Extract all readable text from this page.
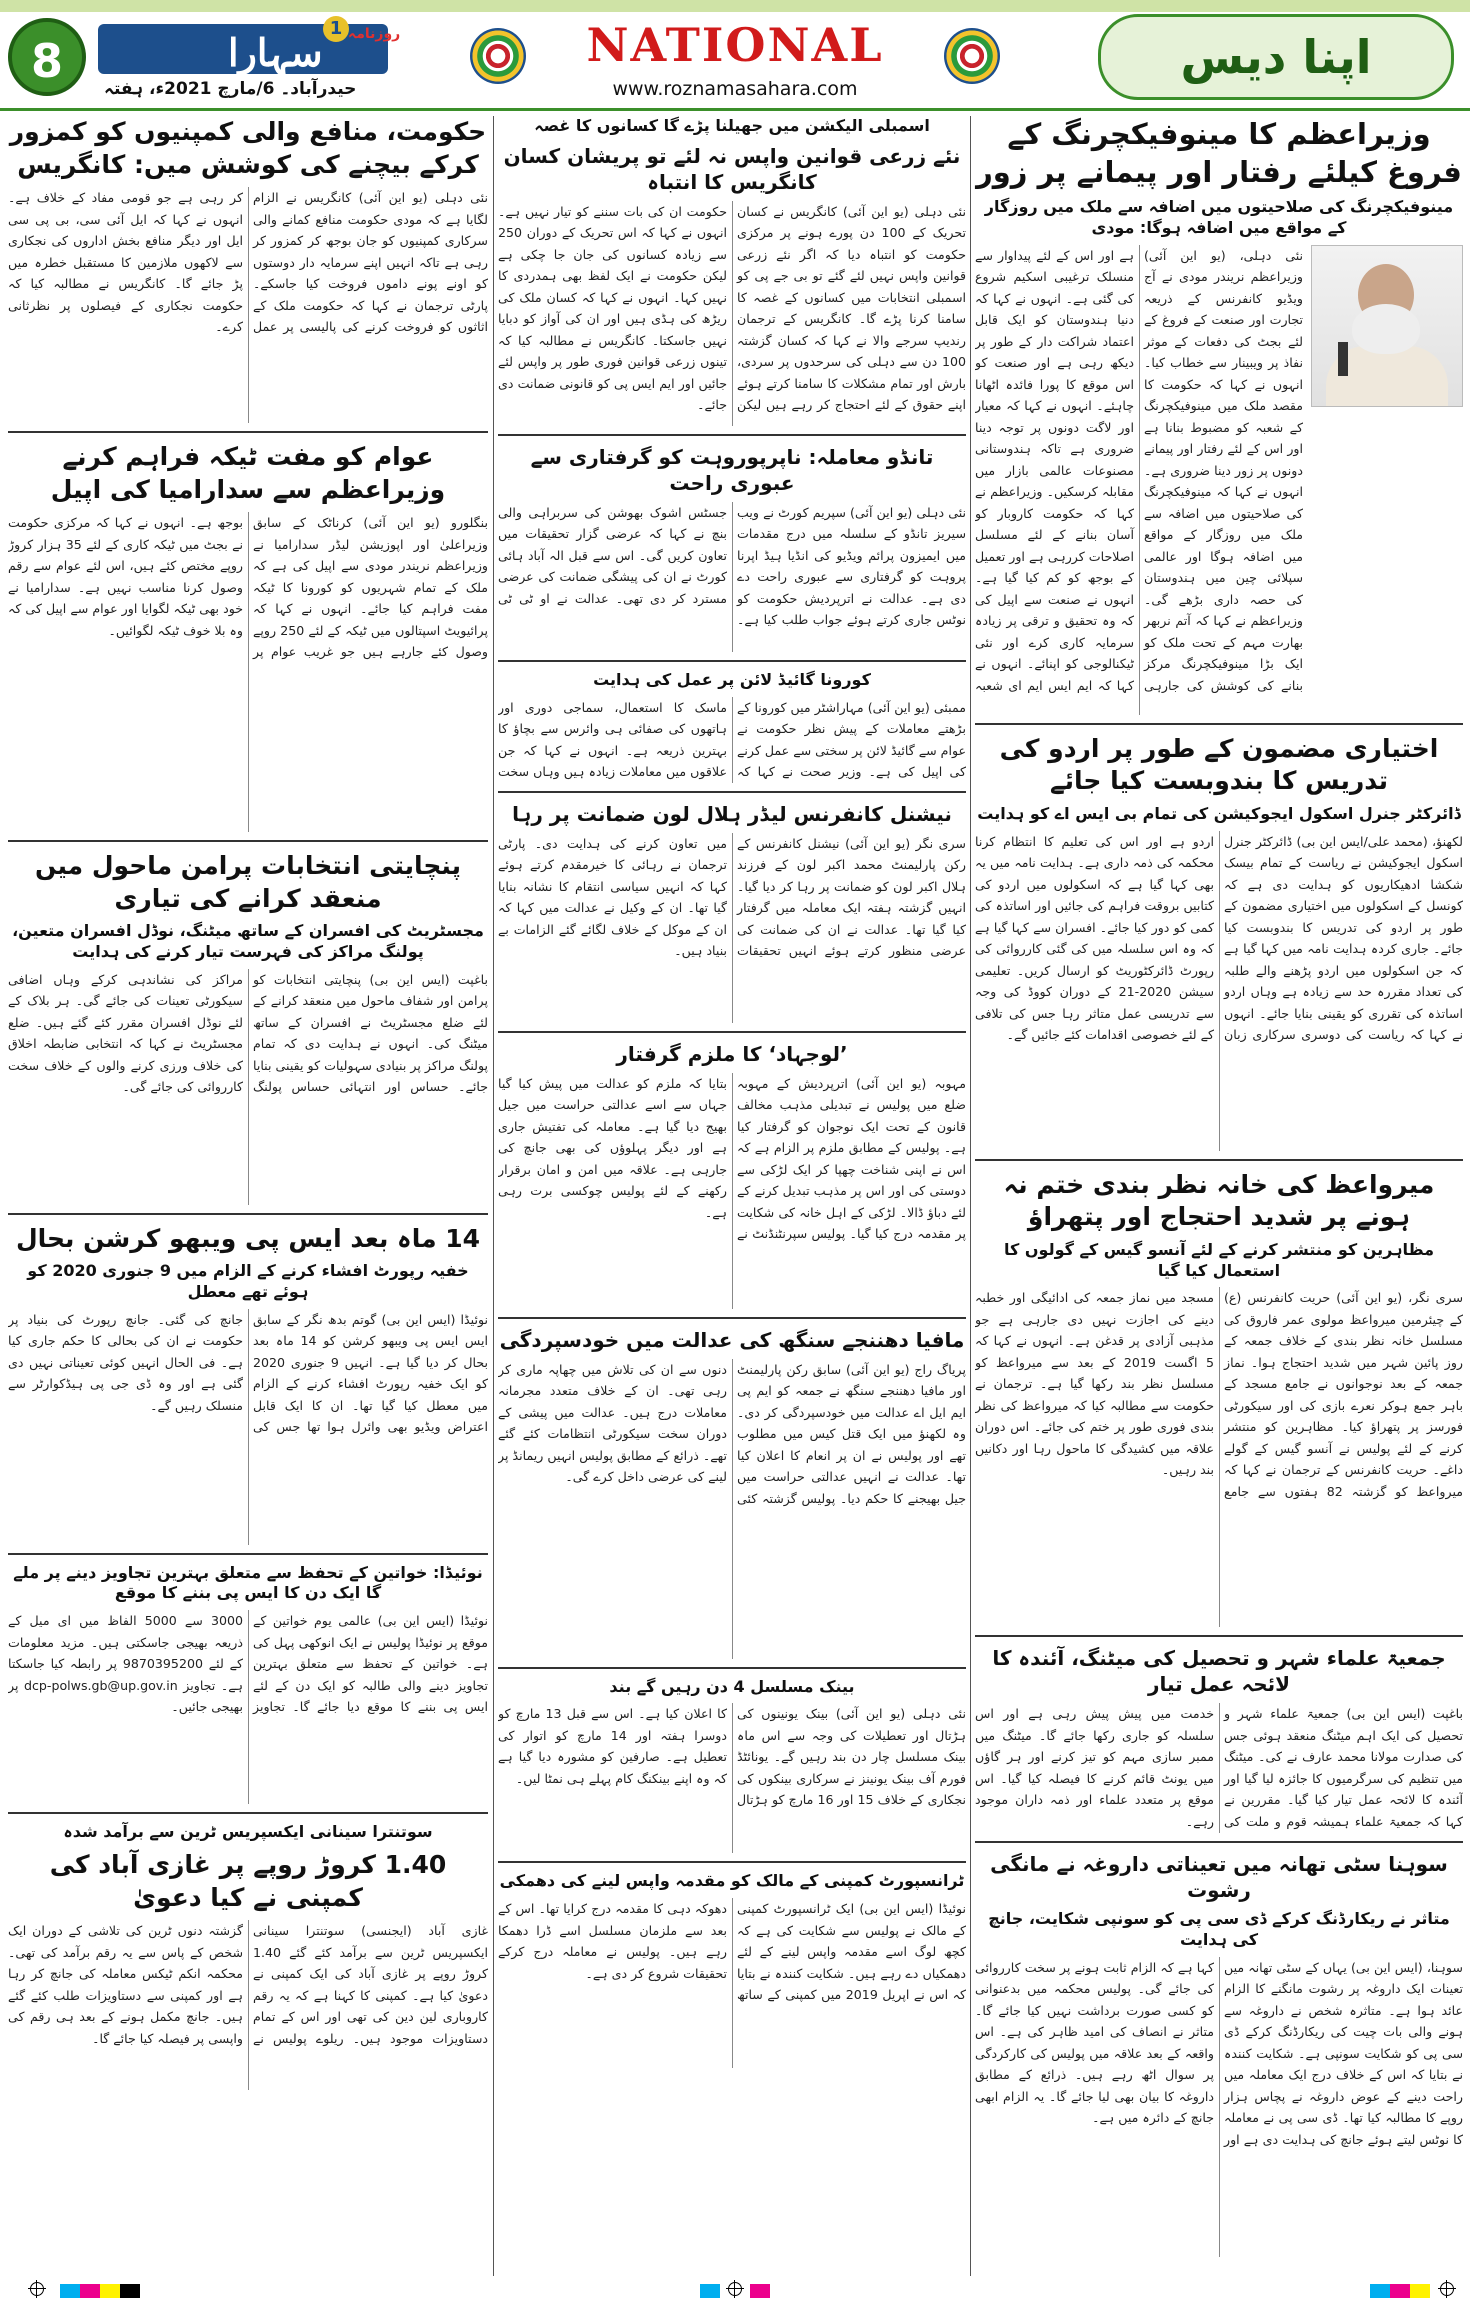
8
1 روزنامہ
سہارا
حیدرآباد۔ 6/مارچ 2021ء، ہفتہ
NATIONAL
www.roznamasahara.com
اپنا دیس
وزیراعظم کا مینوفیکچرنگ کے فروغ کیلئے رفتار اور پیمانے پر زور
مینوفیکچرنگ کی صلاحیتوں میں اضافہ سے ملک میں روزگار کے مواقع میں اضافہ ہوگا: مودی
نئی دہلی، (یو این آئی) وزیراعظم نریندر مودی نے آج ویڈیو کانفرنس کے ذریعہ تجارت اور صنعت کے فروغ کے لئے بجٹ کی دفعات کے موثر نفاذ پر ویبینار سے خطاب کیا۔ انہوں نے کہا کہ حکومت کا مقصد ملک میں مینوفیکچرنگ کے شعبہ کو مضبوط بنانا ہے اور اس کے لئے رفتار اور پیمانے دونوں پر زور دینا ضروری ہے۔ انہوں نے کہا کہ مینوفیکچرنگ کی صلاحیتوں میں اضافہ سے ملک میں روزگار کے مواقع میں اضافہ ہوگا اور عالمی سپلائی چین میں ہندوستان کی حصہ داری بڑھے گی۔ وزیراعظم نے کہا کہ آتم نربھر بھارت مہم کے تحت ملک کو ایک بڑا مینوفیکچرنگ مرکز بنانے کی کوشش کی جارہی ہے اور اس کے لئے پیداوار سے منسلک ترغیبی اسکیم شروع کی گئی ہے۔ انہوں نے کہا کہ دنیا ہندوستان کو ایک قابل اعتماد شراکت دار کے طور پر دیکھ رہی ہے اور صنعت کو اس موقع کا پورا فائدہ اٹھانا چاہئے۔ انہوں نے کہا کہ معیار اور لاگت دونوں پر توجہ دینا ضروری ہے تاکہ ہندوستانی مصنوعات عالمی بازار میں مقابلہ کرسکیں۔ وزیراعظم نے کہا کہ حکومت کاروبار کو آسان بنانے کے لئے مسلسل اصلاحات کررہی ہے اور تعمیل کے بوجھ کو کم کیا گیا ہے۔ انہوں نے صنعت سے اپیل کی کہ وہ تحقیق و ترقی پر زیادہ سرمایہ کاری کرے اور نئی ٹیکنالوجی کو اپنائے۔ انہوں نے کہا کہ ایم ایس ایم ای شعبہ
اختیاری مضمون کے طور پر اردو کی تدریس کا بندوبست کیا جائے
ڈائرکٹر جنرل اسکول ایجوکیشن کی تمام بی ایس اے کو ہدایت
لکھنؤ، (محمد علی/ایس این بی) ڈائرکٹر جنرل اسکول ایجوکیشن نے ریاست کے تمام بیسک شکشا ادھیکاریوں کو ہدایت دی ہے کہ کونسل کے اسکولوں میں اختیاری مضمون کے طور پر اردو کی تدریس کا بندوبست کیا جائے۔ جاری کردہ ہدایت نامہ میں کہا گیا ہے کہ جن اسکولوں میں اردو پڑھنے والے طلبہ کی تعداد مقررہ حد سے زیادہ ہے وہاں اردو اساتذہ کی تقرری کو یقینی بنایا جائے۔ انہوں نے کہا کہ ریاست کی دوسری سرکاری زبان اردو ہے اور اس کی تعلیم کا انتظام کرنا محکمہ کی ذمہ داری ہے۔ ہدایت نامہ میں یہ بھی کہا گیا ہے کہ اسکولوں میں اردو کی کتابیں بروقت فراہم کی جائیں اور اساتذہ کی کمی کو دور کیا جائے۔ افسران سے کہا گیا ہے کہ وہ اس سلسلہ میں کی گئی کارروائی کی رپورٹ ڈائرکٹوریٹ کو ارسال کریں۔ تعلیمی سیشن 2020-21 کے دوران کووڈ کی وجہ سے تدریسی عمل متاثر رہا جس کی تلافی کے لئے خصوصی اقدامات کئے جائیں گے۔
میرواعظ کی خانہ نظر بندی ختم نہ ہونے پر شدید احتجاج اور پتھراؤ
مظاہرین کو منتشر کرنے کے لئے آنسو گیس کے گولوں کا استعمال کیا گیا
سری نگر، (یو این آئی) حریت کانفرنس (ع) کے چیئرمین میرواعظ مولوی عمر فاروق کی مسلسل خانہ نظر بندی کے خلاف جمعہ کے روز پائین شہر میں شدید احتجاج ہوا۔ نماز جمعہ کے بعد نوجوانوں نے جامع مسجد کے باہر جمع ہوکر نعرے بازی کی اور سیکورٹی فورسز پر پتھراؤ کیا۔ مظاہرین کو منتشر کرنے کے لئے پولیس نے آنسو گیس کے گولے داغے۔ حریت کانفرنس کے ترجمان نے کہا کہ میرواعظ کو گزشتہ 82 ہفتوں سے جامع مسجد میں نماز جمعہ کی ادائیگی اور خطبہ دینے کی اجازت نہیں دی جارہی ہے جو مذہبی آزادی پر قدغن ہے۔ انہوں نے کہا کہ 5 اگست 2019 کے بعد سے میرواعظ کو مسلسل نظر بند رکھا گیا ہے۔ ترجمان نے حکومت سے مطالبہ کیا کہ میرواعظ کی نظر بندی فوری طور پر ختم کی جائے۔ اس دوران علاقہ میں کشیدگی کا ماحول رہا اور دکانیں بند رہیں۔
جمعیۃ علماء شہر و تحصیل کی میٹنگ، آئندہ کا لائحہ عمل تیار
باغپت (ایس این بی) جمعیۃ علماء شہر و تحصیل کی ایک اہم میٹنگ منعقد ہوئی جس کی صدارت مولانا محمد عارف نے کی۔ میٹنگ میں تنظیم کی سرگرمیوں کا جائزہ لیا گیا اور آئندہ کا لائحہ عمل تیار کیا گیا۔ مقررین نے کہا کہ جمعیۃ علماء ہمیشہ قوم و ملت کی خدمت میں پیش پیش رہی ہے اور اس سلسلہ کو جاری رکھا جائے گا۔ میٹنگ میں ممبر سازی مہم کو تیز کرنے اور ہر گاؤں میں یونٹ قائم کرنے کا فیصلہ کیا گیا۔ اس موقع پر متعدد علماء اور ذمہ داران موجود رہے۔
سوہنا سٹی تھانہ میں تعیناتی داروغہ نے مانگی رشوت
متاثر نے ریکارڈنگ کرکے ڈی سی پی کو سونپی شکایت، جانچ کی ہدایت
سوہنا، (ایس این بی) یہاں کے سٹی تھانہ میں تعینات ایک داروغہ پر رشوت مانگنے کا الزام عائد ہوا ہے۔ متاثرہ شخص نے داروغہ سے ہونے والی بات چیت کی ریکارڈنگ کرکے ڈی سی پی کو شکایت سونپی ہے۔ شکایت کنندہ نے بتایا کہ اس کے خلاف درج ایک معاملہ میں راحت دینے کے عوض داروغہ نے پچاس ہزار روپے کا مطالبہ کیا تھا۔ ڈی سی پی نے معاملہ کا نوٹس لیتے ہوئے جانچ کی ہدایت دی ہے اور کہا ہے کہ الزام ثابت ہونے پر سخت کارروائی کی جائے گی۔ پولیس محکمہ میں بدعنوانی کو کسی صورت برداشت نہیں کیا جائے گا۔ متاثر نے انصاف کی امید ظاہر کی ہے۔ اس واقعہ کے بعد علاقہ میں پولیس کی کارکردگی پر سوال اٹھ رہے ہیں۔ ذرائع کے مطابق داروغہ کا بیان بھی لیا جائے گا۔ یہ الزام ابھی جانچ کے دائرہ میں ہے۔
اسمبلی الیکشن میں جھیلنا پڑے گا کسانوں کا غصہ
نئے زرعی قوانین واپس نہ لئے تو پریشان کسان کانگریس کا انتباہ
نئی دہلی (یو این آئی) کانگریس نے کسان تحریک کے 100 دن پورے ہونے پر مرکزی حکومت کو انتباہ دیا کہ اگر نئے زرعی قوانین واپس نہیں لئے گئے تو بی جے پی کو اسمبلی انتخابات میں کسانوں کے غصہ کا سامنا کرنا پڑے گا۔ کانگریس کے ترجمان رندیپ سرجے والا نے کہا کہ کسان گزشتہ 100 دن سے دہلی کی سرحدوں پر سردی، بارش اور تمام مشکلات کا سامنا کرتے ہوئے اپنے حقوق کے لئے احتجاج کر رہے ہیں لیکن حکومت ان کی بات سننے کو تیار نہیں ہے۔ انہوں نے کہا کہ اس تحریک کے دوران 250 سے زیادہ کسانوں کی جان جا چکی ہے لیکن حکومت نے ایک لفظ بھی ہمدردی کا نہیں کہا۔ انہوں نے کہا کہ کسان ملک کی ریڑھ کی ہڈی ہیں اور ان کی آواز کو دبایا نہیں جاسکتا۔ کانگریس نے مطالبہ کیا کہ تینوں زرعی قوانین فوری طور پر واپس لئے جائیں اور ایم ایس پی کو قانونی ضمانت دی جائے۔
تانڈو معاملہ: ناپرپوروہت کو گرفتاری سے عبوری راحت
نئی دہلی (یو این آئی) سپریم کورٹ نے ویب سیریز تانڈو کے سلسلہ میں درج مقدمات میں ایمیزون پرائم ویڈیو کی انڈیا ہیڈ اپرنا پروہت کو گرفتاری سے عبوری راحت دے دی ہے۔ عدالت نے اترپردیش حکومت کو نوٹس جاری کرتے ہوئے جواب طلب کیا ہے۔ جسٹس اشوک بھوشن کی سربراہی والی بنچ نے کہا کہ عرضی گزار تحقیقات میں تعاون کریں گی۔ اس سے قبل الہ آباد ہائی کورٹ نے ان کی پیشگی ضمانت کی عرضی مسترد کر دی تھی۔ عدالت نے او ٹی ٹی
کورونا گائیڈ لائن پر عمل کی ہدایت
ممبئی (یو این آئی) مہاراشٹر میں کورونا کے بڑھتے معاملات کے پیش نظر حکومت نے عوام سے گائیڈ لائن پر سختی سے عمل کرنے کی اپیل کی ہے۔ وزیر صحت نے کہا کہ ماسک کا استعمال، سماجی دوری اور ہاتھوں کی صفائی ہی وائرس سے بچاؤ کا بہترین ذریعہ ہے۔ انہوں نے کہا کہ جن علاقوں میں معاملات زیادہ ہیں وہاں سخت
نیشنل کانفرنس لیڈر ہلال لون ضمانت پر رہا
سری نگر (یو این آئی) نیشنل کانفرنس کے رکن پارلیمنٹ محمد اکبر لون کے فرزند ہلال اکبر لون کو ضمانت پر رہا کر دیا گیا۔ انہیں گزشتہ ہفتہ ایک معاملہ میں گرفتار کیا گیا تھا۔ عدالت نے ان کی ضمانت کی عرضی منظور کرتے ہوئے انہیں تحقیقات میں تعاون کرنے کی ہدایت دی۔ پارٹی ترجمان نے رہائی کا خیرمقدم کرتے ہوئے کہا کہ انہیں سیاسی انتقام کا نشانہ بنایا گیا تھا۔ ان کے وکیل نے عدالت میں کہا کہ ان کے موکل کے خلاف لگائے گئے الزامات بے بنیاد ہیں۔
’لوجہاد‘ کا ملزم گرفتار
مہوبہ (یو این آئی) اترپردیش کے مہوبہ ضلع میں پولیس نے تبدیلی مذہب مخالف قانون کے تحت ایک نوجوان کو گرفتار کیا ہے۔ پولیس کے مطابق ملزم پر الزام ہے کہ اس نے اپنی شناخت چھپا کر ایک لڑکی سے دوستی کی اور اس پر مذہب تبدیل کرنے کے لئے دباؤ ڈالا۔ لڑکی کے اہل خانہ کی شکایت پر مقدمہ درج کیا گیا۔ پولیس سپرنٹنڈنٹ نے بتایا کہ ملزم کو عدالت میں پیش کیا گیا جہاں سے اسے عدالتی حراست میں جیل بھیج دیا گیا ہے۔ معاملہ کی تفتیش جاری ہے اور دیگر پہلوؤں کی بھی جانچ کی جارہی ہے۔ علاقہ میں امن و امان برقرار رکھنے کے لئے پولیس چوکسی برت رہی ہے۔
مافیا دھننجے سنگھ کی عدالت میں خودسپردگی
پریاگ راج (یو این آئی) سابق رکن پارلیمنٹ اور مافیا دھننجے سنگھ نے جمعہ کو ایم پی ایم ایل اے عدالت میں خودسپردگی کر دی۔ وہ لکھنؤ میں ایک قتل کیس میں مطلوب تھے اور پولیس نے ان پر انعام کا اعلان کیا تھا۔ عدالت نے انہیں عدالتی حراست میں جیل بھیجنے کا حکم دیا۔ پولیس گزشتہ کئی دنوں سے ان کی تلاش میں چھاپہ ماری کر رہی تھی۔ ان کے خلاف متعدد مجرمانہ معاملات درج ہیں۔ عدالت میں پیشی کے دوران سخت سیکورٹی انتظامات کئے گئے تھے۔ ذرائع کے مطابق پولیس انہیں ریمانڈ پر لینے کی عرضی داخل کرے گی۔
بینک مسلسل 4 دن رہیں گے بند
نئی دہلی (یو این آئی) بینک یونینوں کی ہڑتال اور تعطیلات کی وجہ سے اس ماہ بینک مسلسل چار دن بند رہیں گے۔ یونائٹڈ فورم آف بینک یونینز نے سرکاری بینکوں کی نجکاری کے خلاف 15 اور 16 مارچ کو ہڑتال کا اعلان کیا ہے۔ اس سے قبل 13 مارچ کو دوسرا ہفتہ اور 14 مارچ کو اتوار کی تعطیل ہے۔ صارفین کو مشورہ دیا گیا ہے کہ وہ اپنے بینکنگ کام پہلے ہی نمٹا لیں۔
ٹرانسپورٹ کمپنی کے مالک کو مقدمہ واپس لینے کی دھمکی
نوئیڈا (ایس این بی) ایک ٹرانسپورٹ کمپنی کے مالک نے پولیس سے شکایت کی ہے کہ کچھ لوگ اسے مقدمہ واپس لینے کے لئے دھمکیاں دے رہے ہیں۔ شکایت کنندہ نے بتایا کہ اس نے اپریل 2019 میں کمپنی کے ساتھ دھوکہ دہی کا مقدمہ درج کرایا تھا۔ اس کے بعد سے ملزمان مسلسل اسے ڈرا دھمکا رہے ہیں۔ پولیس نے معاملہ درج کرکے تحقیقات شروع کر دی ہے۔
حکومت، منافع والی کمپنیوں کو کمزور کرکے بیچنے کی کوشش میں: کانگریس
نئی دہلی (یو این آئی) کانگریس نے الزام لگایا ہے کہ مودی حکومت منافع کمانے والی سرکاری کمپنیوں کو جان بوجھ کر کمزور کر رہی ہے تاکہ انہیں اپنے سرمایہ دار دوستوں کو اونے پونے داموں فروخت کیا جاسکے۔ پارٹی ترجمان نے کہا کہ حکومت ملک کے اثاثوں کو فروخت کرنے کی پالیسی پر عمل کر رہی ہے جو قومی مفاد کے خلاف ہے۔ انہوں نے کہا کہ ایل آئی سی، بی پی سی ایل اور دیگر منافع بخش اداروں کی نجکاری سے لاکھوں ملازمین کا مستقبل خطرہ میں پڑ جائے گا۔ کانگریس نے مطالبہ کیا کہ حکومت نجکاری کے فیصلوں پر نظرثانی کرے۔
عوام کو مفت ٹیکہ فراہم کرنے وزیراعظم سے سدارامیا کی اپیل
بنگلورو (یو این آئی) کرناٹک کے سابق وزیراعلیٰ اور اپوزیشن لیڈر سدارامیا نے وزیراعظم نریندر مودی سے اپیل کی ہے کہ ملک کے تمام شہریوں کو کورونا کا ٹیکہ مفت فراہم کیا جائے۔ انہوں نے کہا کہ پرائیویٹ اسپتالوں میں ٹیکہ کے لئے 250 روپے وصول کئے جارہے ہیں جو غریب عوام پر بوجھ ہے۔ انہوں نے کہا کہ مرکزی حکومت نے بجٹ میں ٹیکہ کاری کے لئے 35 ہزار کروڑ روپے مختص کئے ہیں، اس لئے عوام سے رقم وصول کرنا مناسب نہیں ہے۔ سدارامیا نے خود بھی ٹیکہ لگوایا اور عوام سے اپیل کی کہ وہ بلا خوف ٹیکہ لگوائیں۔
پنچایتی انتخابات پرامن ماحول میں منعقد کرانے کی تیاری
مجسٹریٹ کی افسران کے ساتھ میٹنگ، نوڈل افسران متعین، پولنگ مراکز کی فہرست تیار کرنے کی ہدایت
باغپت (ایس این بی) پنچایتی انتخابات کو پرامن اور شفاف ماحول میں منعقد کرانے کے لئے ضلع مجسٹریٹ نے افسران کے ساتھ میٹنگ کی۔ انہوں نے ہدایت دی کہ تمام پولنگ مراکز پر بنیادی سہولیات کو یقینی بنایا جائے۔ حساس اور انتہائی حساس پولنگ مراکز کی نشاندہی کرکے وہاں اضافی سیکورٹی تعینات کی جائے گی۔ ہر بلاک کے لئے نوڈل افسران مقرر کئے گئے ہیں۔ ضلع مجسٹریٹ نے کہا کہ انتخابی ضابطہ اخلاق کی خلاف ورزی کرنے والوں کے خلاف سخت کارروائی کی جائے گی۔
14 ماہ بعد ایس پی ویبھو کرشن بحال
خفیہ رپورٹ افشاء کرنے کے الزام میں 9 جنوری 2020 کو ہوئے تھے معطل
نوئیڈا (ایس این بی) گوتم بدھ نگر کے سابق ایس ایس پی ویبھو کرشن کو 14 ماہ بعد بحال کر دیا گیا ہے۔ انہیں 9 جنوری 2020 کو ایک خفیہ رپورٹ افشاء کرنے کے الزام میں معطل کیا گیا تھا۔ ان کا ایک قابل اعتراض ویڈیو بھی وائرل ہوا تھا جس کی جانچ کی گئی۔ جانچ رپورٹ کی بنیاد پر حکومت نے ان کی بحالی کا حکم جاری کیا ہے۔ فی الحال انہیں کوئی تعیناتی نہیں دی گئی ہے اور وہ ڈی جی پی ہیڈکوارٹر سے منسلک رہیں گے۔
نوئیڈا: خواتین کے تحفظ سے متعلق بہترین تجاویز دینے پر ملے گا ایک دن کا ایس پی بننے کا موقع
نوئیڈا (ایس این بی) عالمی یوم خواتین کے موقع پر نوئیڈا پولیس نے ایک انوکھی پہل کی ہے۔ خواتین کے تحفظ سے متعلق بہترین تجاویز دینے والی طالبہ کو ایک دن کے لئے ایس پی بننے کا موقع دیا جائے گا۔ تجاویز 3000 سے 5000 الفاظ میں ای میل کے ذریعہ بھیجی جاسکتی ہیں۔ مزید معلومات کے لئے 9870395200 پر رابطہ کیا جاسکتا ہے۔ تجاویز dcp-polws.gb@up.gov.in پر بھیجی جائیں۔
سوتنترا سینانی ایکسپریس ٹرین سے برآمد شدہ
1.40 کروڑ روپے پر غازی آباد کی کمپنی نے کیا دعویٰ
غازی آباد (ایجنسی) سوتنترا سینانی ایکسپریس ٹرین سے برآمد کئے گئے 1.40 کروڑ روپے پر غازی آباد کی ایک کمپنی نے دعویٰ کیا ہے۔ کمپنی کا کہنا ہے کہ یہ رقم کاروباری لین دین کی تھی اور اس کے تمام دستاویزات موجود ہیں۔ ریلوے پولیس نے گزشتہ دنوں ٹرین کی تلاشی کے دوران ایک شخص کے پاس سے یہ رقم برآمد کی تھی۔ محکمہ انکم ٹیکس معاملہ کی جانچ کر رہا ہے اور کمپنی سے دستاویزات طلب کئے گئے ہیں۔ جانچ مکمل ہونے کے بعد ہی رقم کی واپسی پر فیصلہ کیا جائے گا۔
